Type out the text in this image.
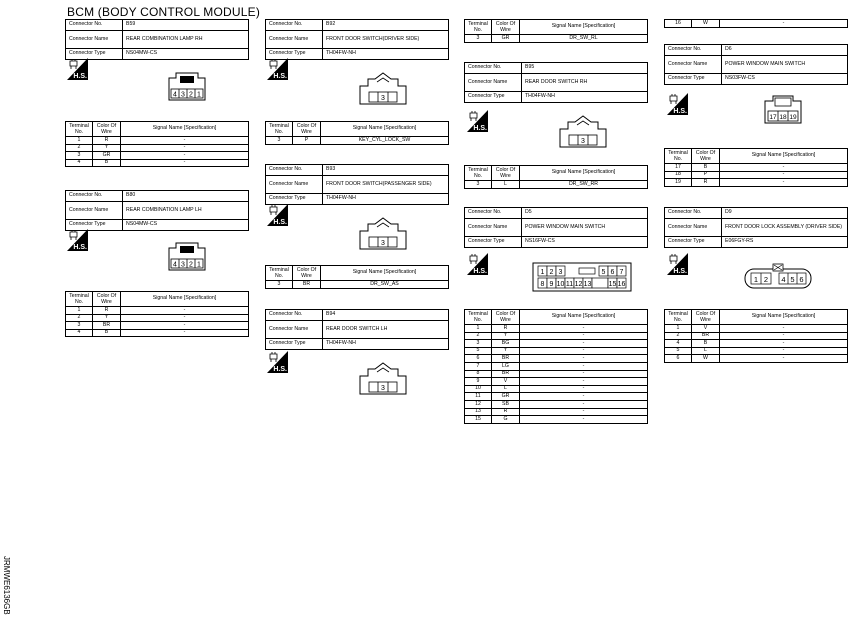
BCM (BODY CONTROL MODULE)
JRMWE6136GB
Connector No.	B59
Connector Name	REAR COMBINATION LAMP RH
Connector Type	NS04MW-CS
H.S.
4 3 2 1
Terminal
No.	Color Of
Wire	Signal Name [Specification]
1	R	-
2	Y	-
3	GR	-
4	B	-
Connector No.	B80
Connector Name	REAR COMBINATION LAMP LH
Connector Type	NS04MW-CS
H.S.
4 3 2 1
Terminal
No.	Color Of
Wire	Signal Name [Specification]
1	R	-
2	Y	-
3	BR	-
4	B	-
Connector No.	B92
Connector Name	FRONT DOOR SWITCH(DRIVER SIDE)
Connector Type	TH04FW-NH
H.S.
3
Terminal
No.	Color Of
Wire	Signal Name [Specification]
3	P	KEY_CYL_LOCK_SW
Connector No.	B93
Connector Name	FRONT DOOR SWITCH(PASSENGER SIDE)
Connector Type	TH04FW-NH
H.S.
3
Terminal
No.	Color Of
Wire	Signal Name [Specification]
3	BR	DR_SW_AS
Connector No.	B94
Connector Name	REAR DOOR SWITCH LH
Connector Type	TH04FW-NH
H.S.
3
Terminal
No.	Color Of
Wire	Signal Name [Specification]
3	GR	DR_SW_RL
Connector No.	B95
Connector Name	REAR DOOR SWITCH RH
Connector Type	TH04FW-NH
H.S.
3
Terminal
No.	Color Of
Wire	Signal Name [Specification]
3	L	DR_SW_RR
Connector No.	D5
Connector Name	POWER WINDOW MAIN SWITCH
Connector Type	NS16FW-CS
H.S.	1 2 3	5 6 7
8 9 10 11 12 13 15 16
Terminal
No.	Color Of
Wire	Signal Name [Specification]
1	R	-
2	Y	-
3	BG	-
5	Y	-
6	BR	-
7	LG	-
8	BR	-
9	V	-
10	L	-
11	GR	-
12	SB	-
13	R	-
15	G	-
16	W	-
Connector No.	D6
Connector Name	POWER WINDOW MAIN SWITCH
Connector Type	NS03FW-CS
H.S.
17 18 19
Terminal
No.	Color Of
Wire	Signal Name [Specification]
17	B	-
18	P	-
19	R	-
Connector No.	D9
Connector Name	FRONT DOOR LOCK ASSEMBLY (DRIVER SIDE)
Connector Type	E06FGY-RS
H.S.
1 2 4 5 6
Terminal
No.	Color Of
Wire	Signal Name [Specification]
1	V	-
2	BR	-
4	B	-
5	L	-
6	W	-
